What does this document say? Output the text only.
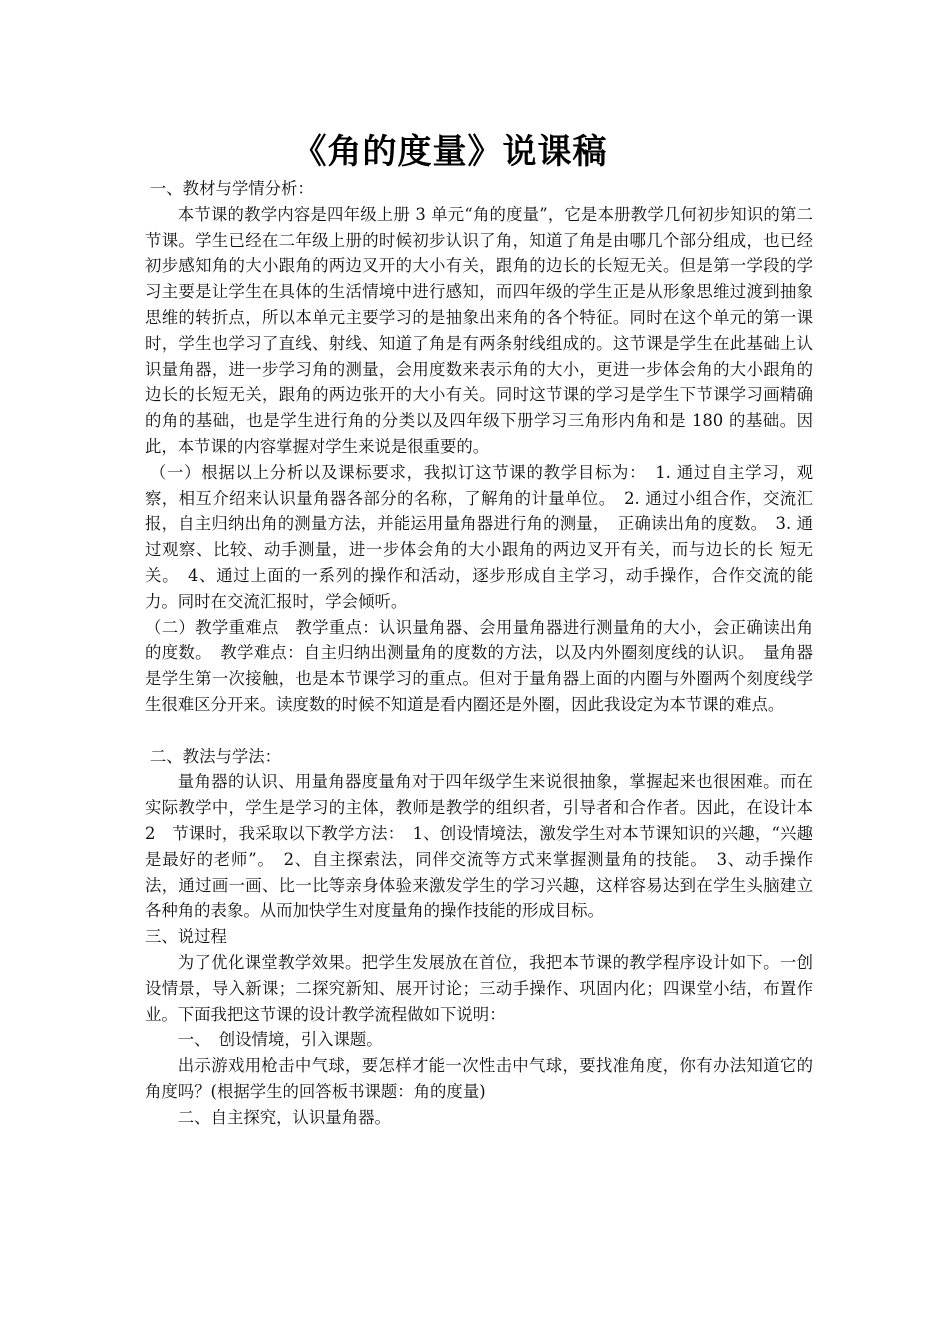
《角的度量》说课稿

一、教材与学情分析：

本节课的教学内容是四年级上册 3 单元“角的度量”，它是本册教学几何初步知识的第二节课。学生已经在二年级上册的时候初步认识了角，知道了角是由哪几个部分组成，也已经初步感知角的大小跟角的两边叉开的大小有关，跟角的边长的长短无关。但是第一学段的学习主要是让学生在具体的生活情境中进行感知，而四年级的学生正是从形象思维过渡到抽象思维的转折点，所以本单元主要学习的是抽象出来角的各个特征。同时在这个单元的第一课时，学生也学习了直线、射线、知道了角是有两条射线组成的。这节课是学生在此基础上认识量角器，进一步学习角的测量，会用度数来表示角的大小，更进一步体会角的大小跟角的边长的长短无关，跟角的两边张开的大小有关。同时这节课的学习是学生下节课学习画精确的角的基础，也是学生进行角的分类以及四年级下册学习三角形内角和是 180 的基础。因此，本节课的内容掌握对学生来说是很重要的。

（一）根据以上分析以及课标要求，我拟订这节课的教学目标为：　1. 通过自主学习，观察，相互介绍来认识量角器各部分的名称，了解角的计量单位。　2. 通过小组合作，交流汇报，自主归纳出角的测量方法，并能运用量角器进行角的测量，　正确读出角的度数。　3. 通过观察、比较、动手测量，进一步体会角的大小跟角的两边叉开有关，而与边长的长 短无关。　4、通过上面的一系列的操作和活动，逐步形成自主学习，动手操作，合作交流的能力。同时在交流汇报时，学会倾听。

（二）教学重难点　教学重点：认识量角器、会用量角器进行测量角的大小，会正确读出角的度数。　教学难点：自主归纳出测量角的度数的方法，以及内外圈刻度线的认识。　量角器是学生第一次接触，也是本节课学习的重点。但对于量角器上面的内圈与外圈两个刻度线学生很难区分开来。读度数的时候不知道是看内圈还是外圈，因此我设定为本节课的难点。

二、教法与学法：

量角器的认识、用量角器度量角对于四年级学生来说很抽象，掌握起来也很困难。而在实际教学中，学生是学习的主体，教师是教学的组织者，引导者和合作者。因此，在设计本 2　节课时，我采取以下教学方法：　1、创设情境法，激发学生对本节课知识的兴趣，“兴趣是最好的老师”。　2、自主探索法，同伴交流等方式来掌握测量角的技能。　3、动手操作法，通过画一画、比一比等亲身体验来激发学生的学习兴趣，这样容易达到在学生头脑建立各种角的表象。从而加快学生对度量角的操作技能的形成目标。

三、说过程

为了优化课堂教学效果。把学生发展放在首位，我把本节课的教学程序设计如下。一创设情景，导入新课；二探究新知、展开讨论；三动手操作、巩固内化；四课堂小结，布置作业。下面我把这节课的设计教学流程做如下说明：

一、　创设情境，引入课题。

出示游戏用枪击中气球，要怎样才能一次性击中气球，要找准角度，你有办法知道它的角度吗？(根据学生的回答板书课题：角的度量)

二、自主探究，认识量角器。
